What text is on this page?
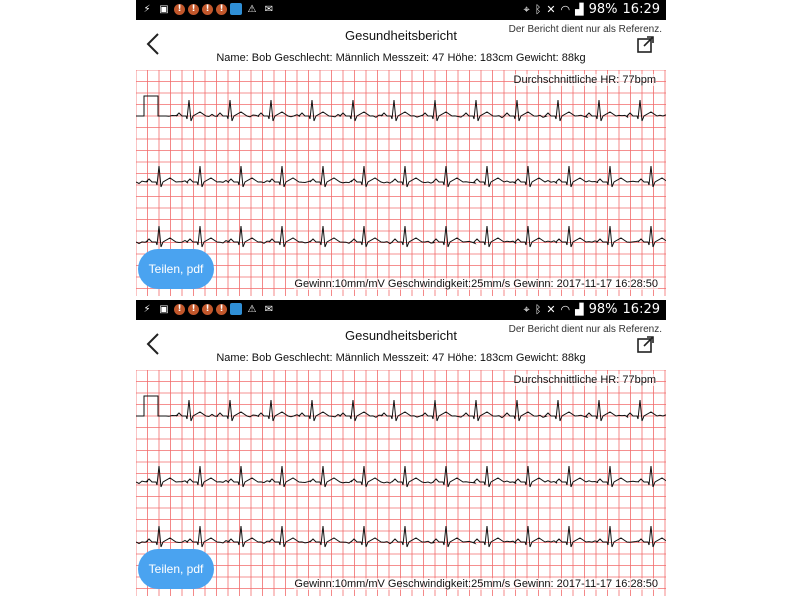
⚡ ▣ !	!	!	!	⚠ ✉	⌖ ᛒ ✕ ◠ ▟ 98% 16:29
Gesundheitsbericht	Der Bericht dient nur als Referenz.
Name: Bob Geschlecht: Männlich Messzeit: 47 Höhe: 183cm Gewicht: 88kg
Durchschnittliche HR: 77bpm
Gewinn:10mm/mV Geschwindigkeit:25mm/s Gewinn: 2017-11-17 16:28:50
Teilen, pdf
⚡ ▣ !	!	!	!	⚠ ✉	⌖ ᛒ ✕ ◠ ▟ 98% 16:29
Gesundheitsbericht	Der Bericht dient nur als Referenz.
Name: Bob Geschlecht: Männlich Messzeit: 47 Höhe: 183cm Gewicht: 88kg
Durchschnittliche HR: 77bpm
Gewinn:10mm/mV Geschwindigkeit:25mm/s Gewinn: 2017-11-17 16:28:50
Teilen, pdf
